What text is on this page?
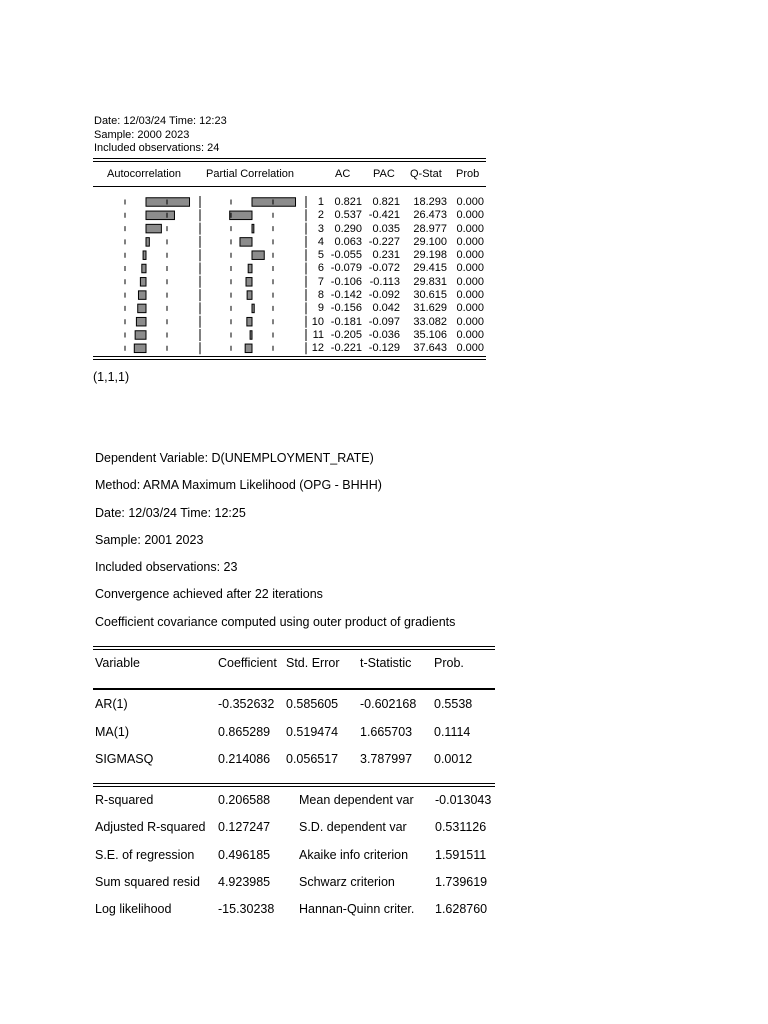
Date: 12/03/24 Time: 12:23
Sample: 2000 2023
Included observations: 24
Autocorrelation Partial Correlation	AC PAC Q-Stat Prob
1 0.821 0.821 18.293 0.000
2 0.537 -0.421 26.473 0.000
3 0.290 0.035 28.977 0.000
4 0.063 -0.227 29.100 0.000
5 -0.055 0.231 29.198 0.000
6 -0.079 -0.072 29.415 0.000
7 -0.106 -0.113 29.831 0.000
8 -0.142 -0.092 30.615 0.000
9 -0.156 0.042 31.629 0.000
10 -0.181 -0.097 33.082 0.000
11 -0.205 -0.036 35.106 0.000
12 -0.221 -0.129 37.643 0.000
(1,1,1)
Dependent Variable: D(UNEMPLOYMENT_RATE)
Method: ARMA Maximum Likelihood (OPG - BHHH)
Date: 12/03/24 Time: 12:25
Sample: 2001 2023
Included observations: 23
Convergence achieved after 22 iterations
Coefficient covariance computed using outer product of gradients
Variable	Coefficient Std. Error t-Statistic Prob.
AR(1)	-0.352632 0.585605 -0.602168 0.5538
MA(1)	0.865289 0.519474 1.665703 0.1114
SIGMASQ	0.214086 0.056517 3.787997 0.0012
R-squared	0.206588 Mean dependent var -0.013043
Adjusted R-squared 0.127247 S.D. dependent var 0.531126
S.E. of regression 0.496185 Akaike info criterion 1.591511
Sum squared resid 4.923985 Schwarz criterion	1.739619
Log likelihood	-15.30238 Hannan-Quinn criter. 1.628760
